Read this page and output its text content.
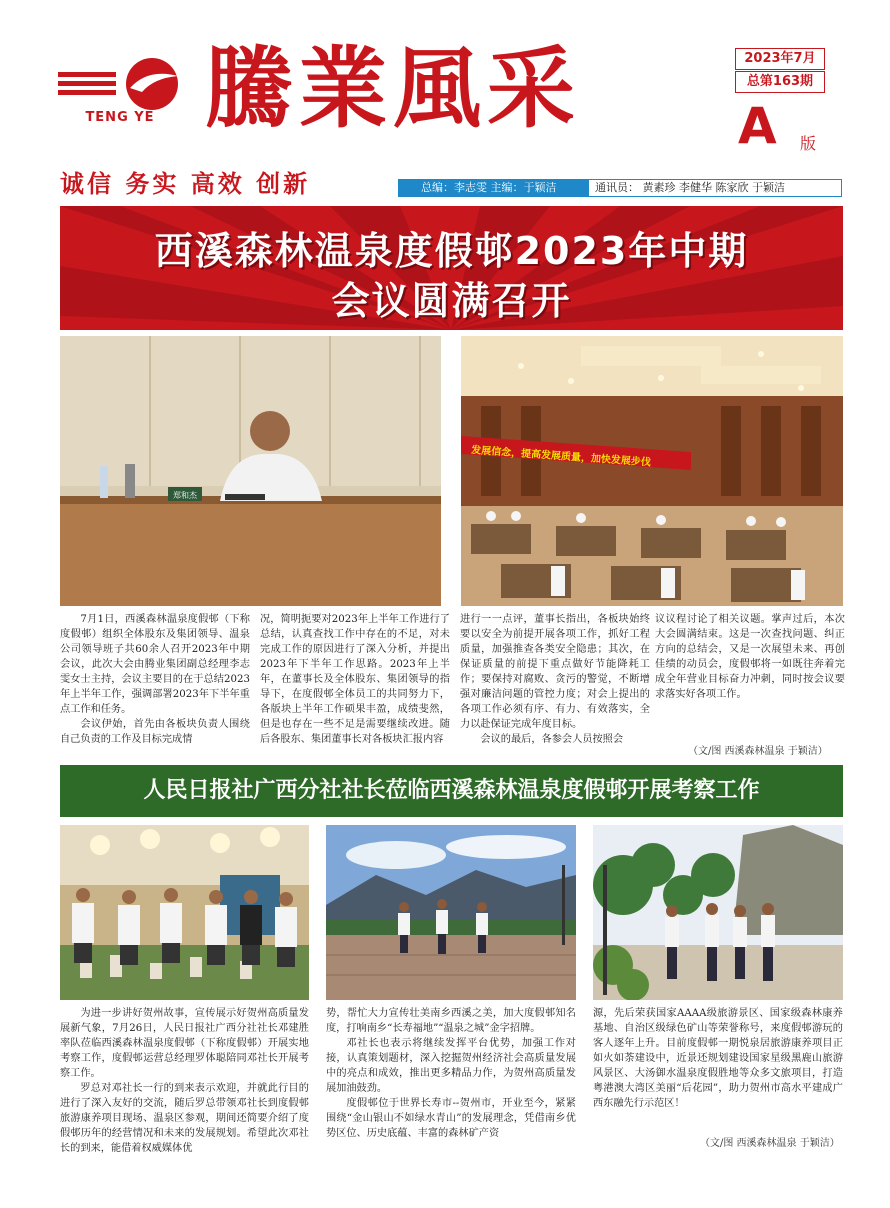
TENG YE 騰業風采	2023年7月
总第163期
A 版
诚信 务实 高效 创新	总编：李志雯 主编：于颖洁	通讯员： 黄素珍 李健华 陈家欣 于颖洁
西溪森林温泉度假邨2023年中期
会议圆满召开
郑和杰
发展信念，提高发展质量，加快发展步伐

7月1日，西溪森林温泉度假邨（下称度假邨）组织全体股东及集团领导、温泉公司领导班子共60余人召开2023年中期会议，此次大会由腾业集团副总经理李志雯女士主持，会议主要目的在于总结2023年上半年工作，强调部署2023年下半年重点工作和任务。

会议伊始，首先由各板块负责人围绕自己负责的工作及目标完成情

况，简明扼要对2023年上半年工作进行了总结，认真查找工作中存在的不足，对未完成工作的原因进行了深入分析，并提出2023年下半年工作思路。2023年上半年，在董事长及全体股东、集团领导的指导下，在度假邨全体员工的共同努力下，各版块上半年工作硕果丰盈，成绩斐然，但是也存在一些不足是需要继续改进。随后各股东、集团董事长对各板块汇报内容

进行一一点评，董事长指出，各板块始终要以安全为前提开展各项工作，抓好工程质量，加强推查各类安全隐患；其次，在保证质量的前提下重点做好节能降耗工作；要保持对腐败、贪污的警觉，不断增强对廉洁问题的管控力度；对会上提出的各项工作必须有序、有力、有效落实，全力以赴保证完成年度目标。

会议的最后，各参会人员按照会

议议程讨论了相关议题。掌声过后，本次大会圆满结束。这是一次查找问题、纠正方向的总结会，又是一次展望未来、再创佳绩的动员会，度假邨将一如既往奔着完成全年营业目标奋力冲刺，同时按会议要求落实好各项工作。

（文/图 西溪森林温泉 于颖洁）
人民日报社广西分社社长莅临西溪森林温泉度假邨开展考察工作

为进一步讲好贺州故事，宣传展示好贺州高质量发展新气象，7月26日，人民日报社广西分社社长邓建胜率队莅临西溪森林温泉度假邨（下称度假邨）开展实地考察工作，度假邨运营总经理罗体聪陪同邓社长开展考察工作。

罗总对邓社长一行的到来表示欢迎，并就此行目的进行了深入友好的交流，随后罗总带领邓社长到度假邨旅游康养项目现场、温泉区参观，期间还简要介绍了度假邨历年的经营情况和未来的发展规划。希望此次邓社长的到来，能借着权威媒体优

势，帮忙大力宣传壮美南乡西溪之美，加大度假邨知名度，打响南乡“长寿福地”“温泉之城”金字招牌。

邓社长也表示将继续发挥平台优势，加强工作对接，认真策划题材，深入挖掘贺州经济社会高质量发展中的亮点和成效，推出更多精品力作，为贺州高质量发展加油鼓劲。

度假邨位于世界长寿市--贺州市，开业至今，紧紧围绕“金山银山不如绿水青山”的发展理念，凭借南乡优势区位、历史底蕴、丰富的森林矿产资

源，先后荣获国家AAAA级旅游景区、国家级森林康养基地、自治区级绿色矿山等荣誉称号，来度假邨游玩的客人逐年上升。目前度假邨一期悦泉居旅游康养项目正如火如荼建设中，近景还规划建设国家星级黑鹿山旅游风景区、大汤御水温泉度假胜地等众多文旅项目，打造粤港澳大湾区美丽“后花园”，助力贺州市高水平建成广西东融先行示范区！

（文/图 西溪森林温泉 于颖洁）
